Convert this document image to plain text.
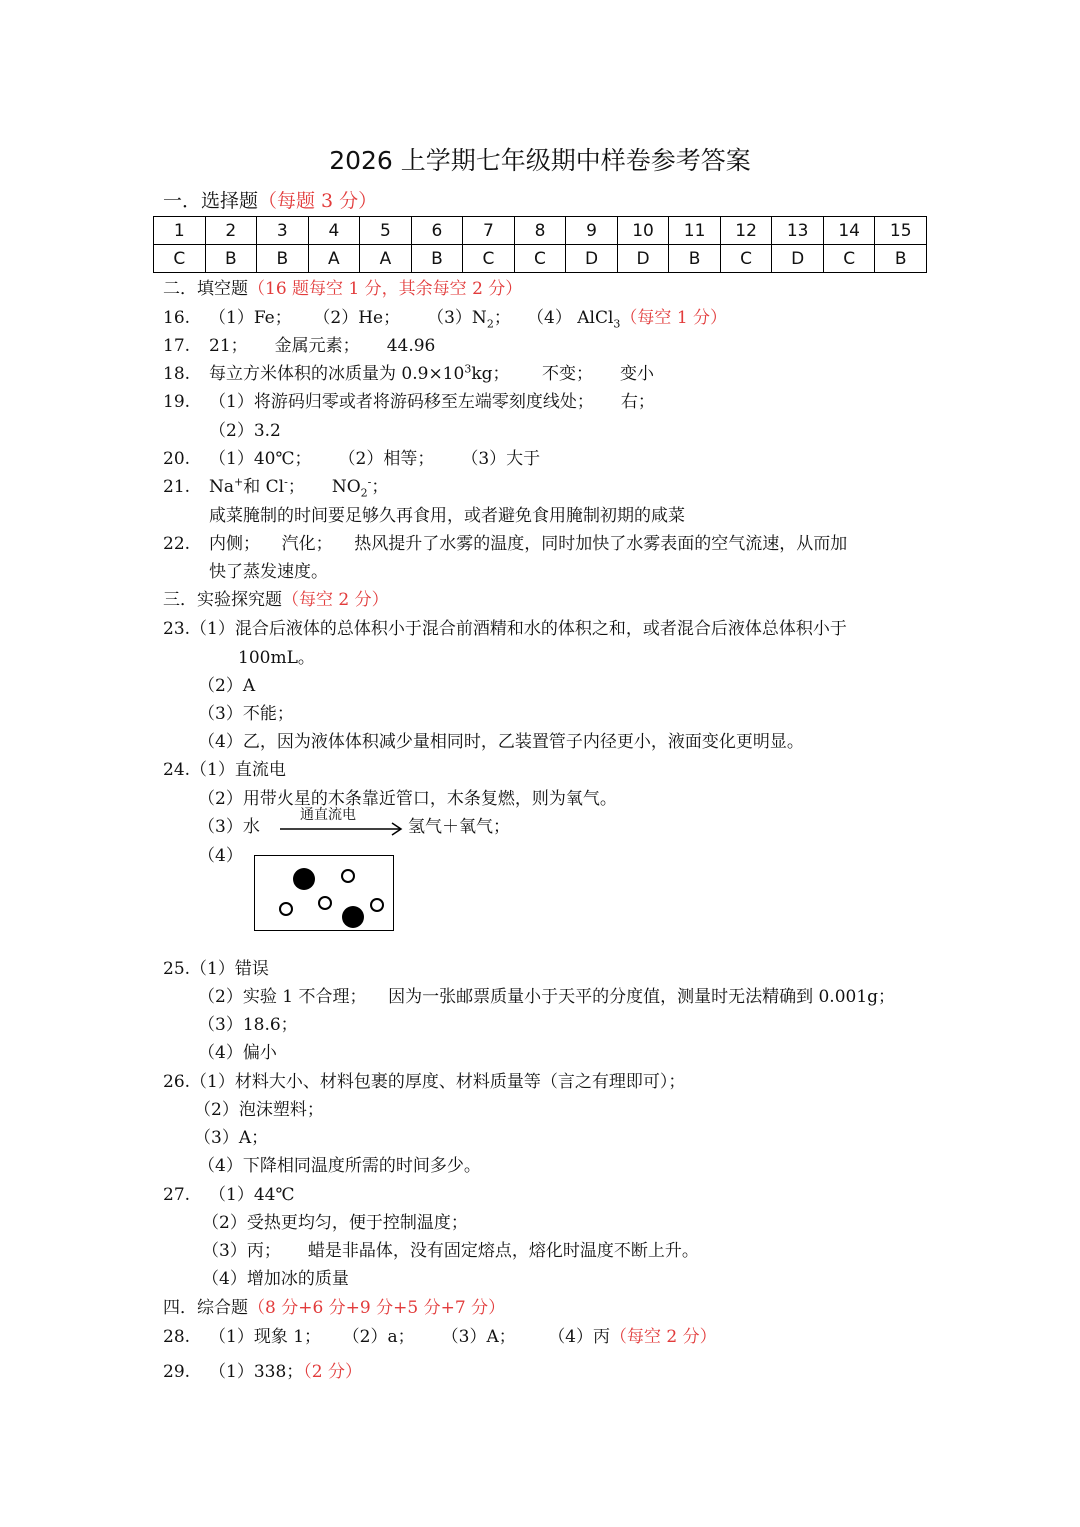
2026 上学期七年级期中样卷参考答案
一．选择题（每题 3 分）
1	2	3	4	5	6	7	8	9	10	11	12	13	14	15
C	B	B	A	A	B	C	C	D	D	B	C	D	C	B
二．填空题（16 题每空 1 分，其余每空 2 分）
16. （1）Fe； （2）He； $(3)N_2$； （4） AlCl$_3$（每空 1 分）
17. 21； 金属元素； 44.96
18. 每立方米体积的冰质量为 $0.9\times 10^3kg$； 不变； 变小
19. （1）将游码归零或者将游码移至左端零刻度线处； 右；
（2）3.2
20. （1）40℃； （2）相等； （3）大于
21. Na+和 Cl-； $NO_2^-$；
咸菜腌制的时间要足够久再食用，或者避免食用腌制初期的咸菜
22. 内侧； 汽化； 热风提升了水雾的温度，同时加快了水雾表面的空气流速，从而加
快了蒸发速度。
三．实验探究题（每空 2 分）
23.（1）混合后液体的总体积小于混合前酒精和水的体积之和，或者混合后液体总体积小于
100mL。
（2）A
（3）不能；
（4）乙，因为液体体积减少量相同时，乙装置管子内径更小，液面变化更明显。
24.（1）直流电
（2）用带火星的木条靠近管口，木条复燃，则为氧气。
（3）水
通直流电
氢气＋氧气；
（4）
25.（1）错误
（2）实验 1 不合理； 因为一张邮票质量小于天平的分度值，测量时无法精确到 0.001g；
（3）18.6；
（4）偏小
26.（1）材料大小、材料包裹的厚度、材料质量等（言之有理即可）；
（2）泡沫塑料；
（3）A；
（4）下降相同温度所需的时间多少。
27. （1）44℃
（2）受热更均匀，便于控制温度；
（3）丙； 蜡是非晶体，没有固定熔点，熔化时温度不断上升。
（4）增加冰的质量
四．综合题（8 分+6 分+9 分+5 分+7 分）
28. （1）现象 1； （2）a； （3）A； （4）丙（每空 2 分）
29. （1）338；（2 分）
